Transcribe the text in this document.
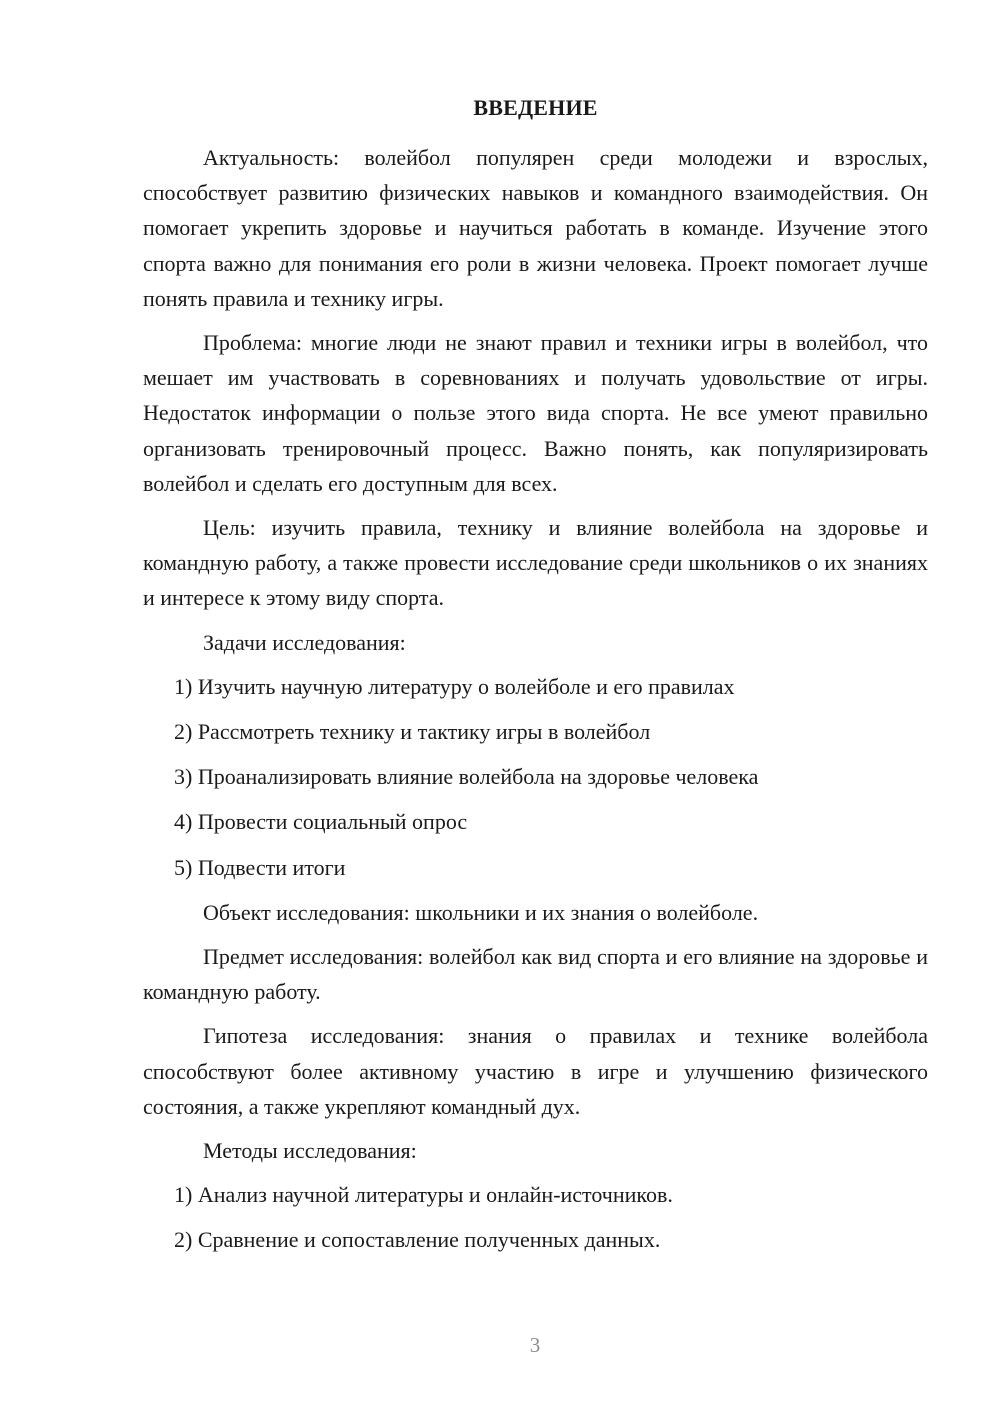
ВВЕДЕНИЕ

Актуальность: волейбол популярен среди молодежи и взрослых, способствует развитию физических навыков и командного взаимодействия. Он помогает укрепить здоровье и научиться работать в команде. Изучение этого спорта важно для понимания его роли в жизни человека. Проект помогает лучше понять правила и технику игры.

Проблема: многие люди не знают правил и техники игры в волейбол, что мешает им участвовать в соревнованиях и получать удовольствие от игры. Недостаток информации о пользе этого вида спорта. Не все умеют правильно организовать тренировочный процесс. Важно понять, как популяризировать волейбол и сделать его доступным для всех.

Цель: изучить правила, технику и влияние волейбола на здоровье и командную работу, а также провести исследование среди школьников о их знаниях и интересе к этому виду спорта.

Задачи исследования:

1) Изучить научную литературу о волейболе и его правилах

2) Рассмотреть технику и тактику игры в волейбол

3) Проанализировать влияние волейбола на здоровье человека

4) Провести социальный опрос

5) Подвести итоги

Объект исследования: школьники и их знания о волейболе.

Предмет исследования: волейбол как вид спорта и его влияние на здоровье и командную работу.

Гипотеза исследования: знания о правилах и технике волейбола способствуют более активному участию в игре и улучшению физического состояния, а также укрепляют командный дух.

Методы исследования:

1) Анализ научной литературы и онлайн-источников.

2) Сравнение и сопоставление полученных данных.

3
